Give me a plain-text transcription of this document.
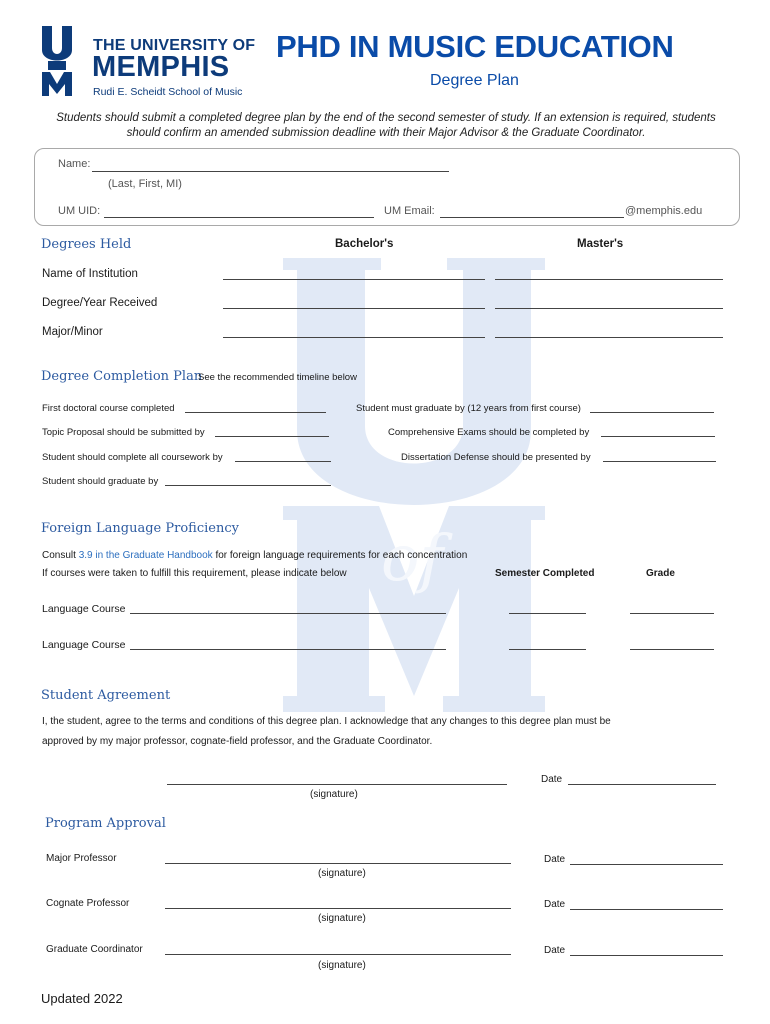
of
THE UNIVERSITY OF
MEMPHIS
Rudi E. Scheidt School of Music
PHD IN MUSIC EDUCATION
Degree Plan
Students should submit a completed degree plan by the end of the second semester of study. If an extension is required, students should confirm an amended submission deadline with their Major Advisor & the Graduate Coordinator.
Name:
(Last, First, MI)
UM UID:	UM Email:	@memphis.edu
Degrees Held	Bachelor's	Master's
Name of Institution
Degree/Year Received
Major/Minor
Degree Completion Plan
See the recommended timeline below
First doctoral course completed	Student must graduate by (12 years from first course)
Topic Proposal should be submitted by	Comprehensive Exams should be completed by
Student should complete all coursework by	Dissertation Defense should be presented by
Student should graduate by
Foreign Language Proficiency
Consult 3.9 in the Graduate Handbook for foreign language requirements for each concentration
If courses were taken to fulfill this requirement, please indicate below	Semester Completed	Grade
Language Course
Language Course
Student Agreement
I, the student, agree to the terms and conditions of this degree plan. I acknowledge that any changes to this degree plan must be
approved by my major professor, cognate-field professor, and the Graduate Coordinator.
(signature)
Date
Program Approval
Major Professor
(signature)
Date
Cognate Professor
(signature)
Date
Graduate Coordinator
(signature)
Date
Updated 2022
